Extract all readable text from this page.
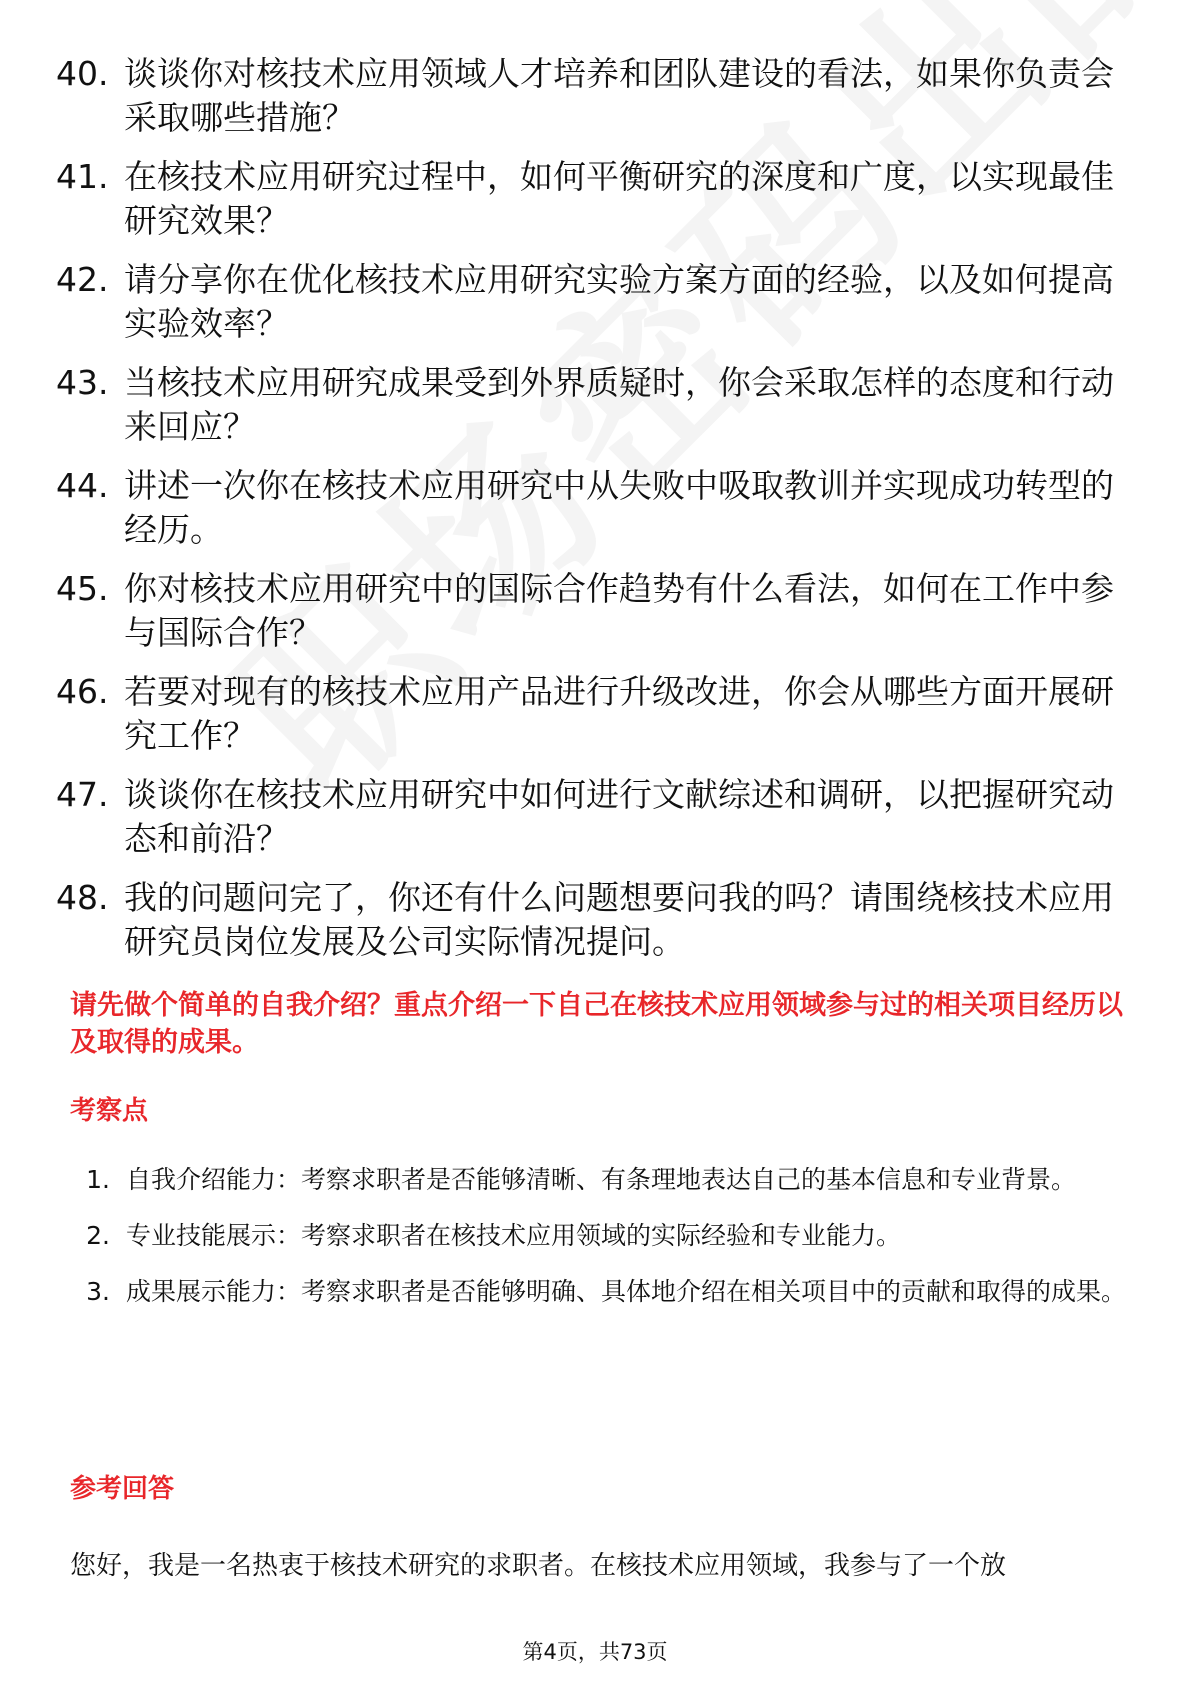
40. 谈谈你对核技术应用领域人才培养和团队建设的看法，如果你负责会采取哪些措施？
41. 在核技术应用研究过程中，如何平衡研究的深度和广度，以实现最佳研究效果？
42. 请分享你在优化核技术应用研究实验方案方面的经验，以及如何提高实验效率？
43. 当核技术应用研究成果受到外界质疑时，你会采取怎样的态度和行动来回应？
44. 讲述一次你在核技术应用研究中从失败中吸取教训并实现成功转型的经历。
45. 你对核技术应用研究中的国际合作趋势有什么看法，如何在工作中参与国际合作？
46. 若要对现有的核技术应用产品进行升级改进，你会从哪些方面开展研究工作？
47. 谈谈你在核技术应用研究中如何进行文献综述和调研，以把握研究动态和前沿？
48. 我的问题问完了，你还有什么问题想要问我的吗？请围绕核技术应用研究员岗位发展及公司实际情况提问。
请先做个简单的自我介绍？重点介绍一下自己在核技术应用领域参与过的相关项目经历以及取得的成果。
考察点
1. 自我介绍能力：考察求职者是否能够清晰、有条理地表达自己的基本信息和专业背景。
2. 专业技能展示：考察求职者在核技术应用领域的实际经验和专业能力。
3. 成果展示能力：考察求职者是否能够明确、具体地介绍在相关项目中的贡献和取得的成果。
参考回答

您好，我是一名热衷于核技术研究的求职者。在核技术应用领域，我参与了一个放

第4页，共73页
